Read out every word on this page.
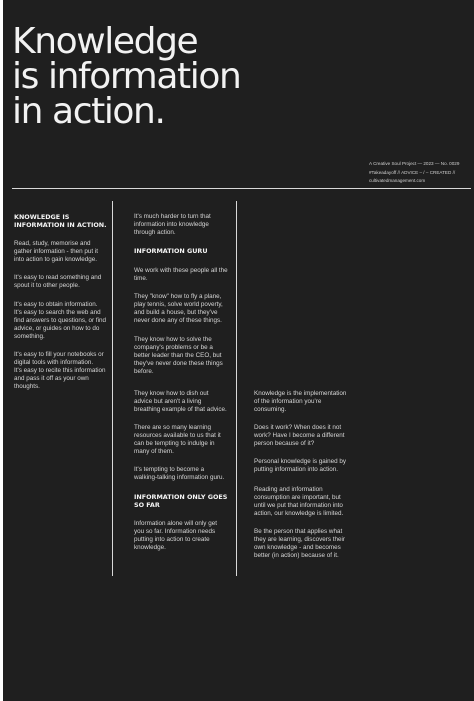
Knowledge
is information
in action.
A Creative Soul Project — 2023 — No. 0029
#Takeadayoff // ADVICE – / – CREATED //
cultivatedmanagement.com
KNOWLEDGE IS INFORMATION IN ACTION.

Read, study, memorise and gather information - then put it into action to gain knowledge.

It's easy to read something and spout it to other people.

It's easy to obtain information. It's easy to search the web and find answers to questions, or find advice, or guides on how to do something.

It's easy to fill your notebooks or digital tools with information.

It's easy to recite this information and pass it off as your own thoughts.

It's much harder to turn that information into knowledge through action.

INFORMATION GURU

We work with these people all the time.

They "know" how to fly a plane, play tennis, solve world poverty, and build a house, but they've never done any of these things.

They know how to solve the company's problems or be a better leader than the CEO, but they've never done these things before.

They know how to dish out advice but aren't a living breathing example of that advice.

There are so many learning resources available to us that it can be tempting to indulge in many of them.

It's tempting to become a walking-talking information guru.

INFORMATION ONLY GOES SO FAR

Information alone will only get you so far. Information needs putting into action to create knowledge.

Knowledge is the implementation of the information you're consuming.

Does it work? When does it not work? Have I become a different person because of it?

Personal knowledge is gained by putting information into action.

Reading and information consumption are important, but until we put that information into action, our knowledge is limited.

Be the person that applies what they are learning, discovers their own knowledge - and becomes better (in action) because of it.
